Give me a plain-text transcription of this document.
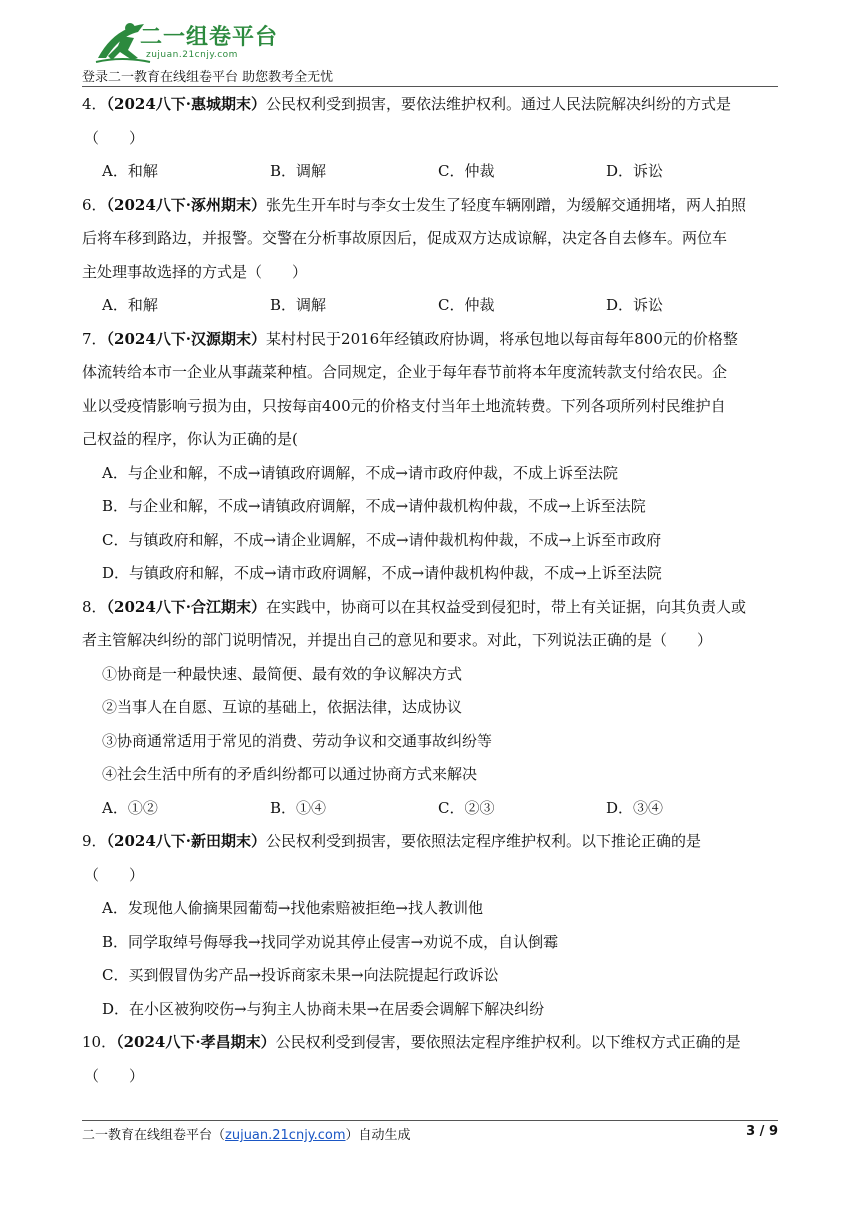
二一组卷平台
zujuan.21cnjy.com
登录二一教育在线组卷平台 助您教考全无忧
4．（2024八下·惠城期末）公民权利受到损害，要依法维护权利。通过人民法院解决纠纷的方式是
（　　）
A．和解	B．调解	C．仲裁	D．诉讼
6．（2024八下·涿州期末）张先生开车时与李女士发生了轻度车辆刚蹭，为缓解交通拥堵，两人拍照
后将车移到路边，并报警。交警在分析事故原因后，促成双方达成谅解，决定各自去修车。两位车
主处理事故选择的方式是（　　）
A．和解	B．调解	C．仲裁	D．诉讼
7．（2024八下·汉源期末）某村村民于2016年经镇政府协调，将承包地以每亩每年800元的价格整
体流转给本市一企业从事蔬菜种植。合同规定，企业于每年春节前将本年度流转款支付给农民。企
业以受疫情影响亏损为由，只按每亩400元的价格支付当年土地流转费。下列各项所列村民维护自
己权益的程序，你认为正确的是(
A．与企业和解，不成→请镇政府调解，不成→请市政府仲裁，不成上诉至法院
B．与企业和解，不成→请镇政府调解，不成→请仲裁机构仲裁，不成→上诉至法院
C．与镇政府和解，不成→请企业调解，不成→请仲裁机构仲裁，不成→上诉至市政府
D．与镇政府和解，不成→请市政府调解，不成→请仲裁机构仲裁，不成→上诉至法院
8．（2024八下·合江期末）在实践中，协商可以在其权益受到侵犯时，带上有关证据，向其负责人或
者主管解决纠纷的部门说明情况，并提出自己的意见和要求。对此，下列说法正确的是（　　）
①协商是一种最快速、最简便、最有效的争议解决方式
②当事人在自愿、互谅的基础上，依据法律，达成协议
③协商通常适用于常见的消费、劳动争议和交通事故纠纷等
④社会生活中所有的矛盾纠纷都可以通过协商方式来解决
A．①②	B．①④	C．②③	D．③④
9．（2024八下·新田期末）公民权利受到损害，要依照法定程序维护权利。以下推论正确的是
（　　）
A．发现他人偷摘果园葡萄→找他索赔被拒绝→找人教训他
B．同学取绰号侮辱我→找同学劝说其停止侵害→劝说不成，自认倒霉
C．买到假冒伪劣产品→投诉商家未果→向法院提起行政诉讼
D．在小区被狗咬伤→与狗主人协商未果→在居委会调解下解决纠纷
10．（2024八下·孝昌期末）公民权利受到侵害，要依照法定程序维护权利。以下维权方式正确的是
（　　）
二一教育在线组卷平台（zujuan.21cnjy.com）自动生成	3 / 9
